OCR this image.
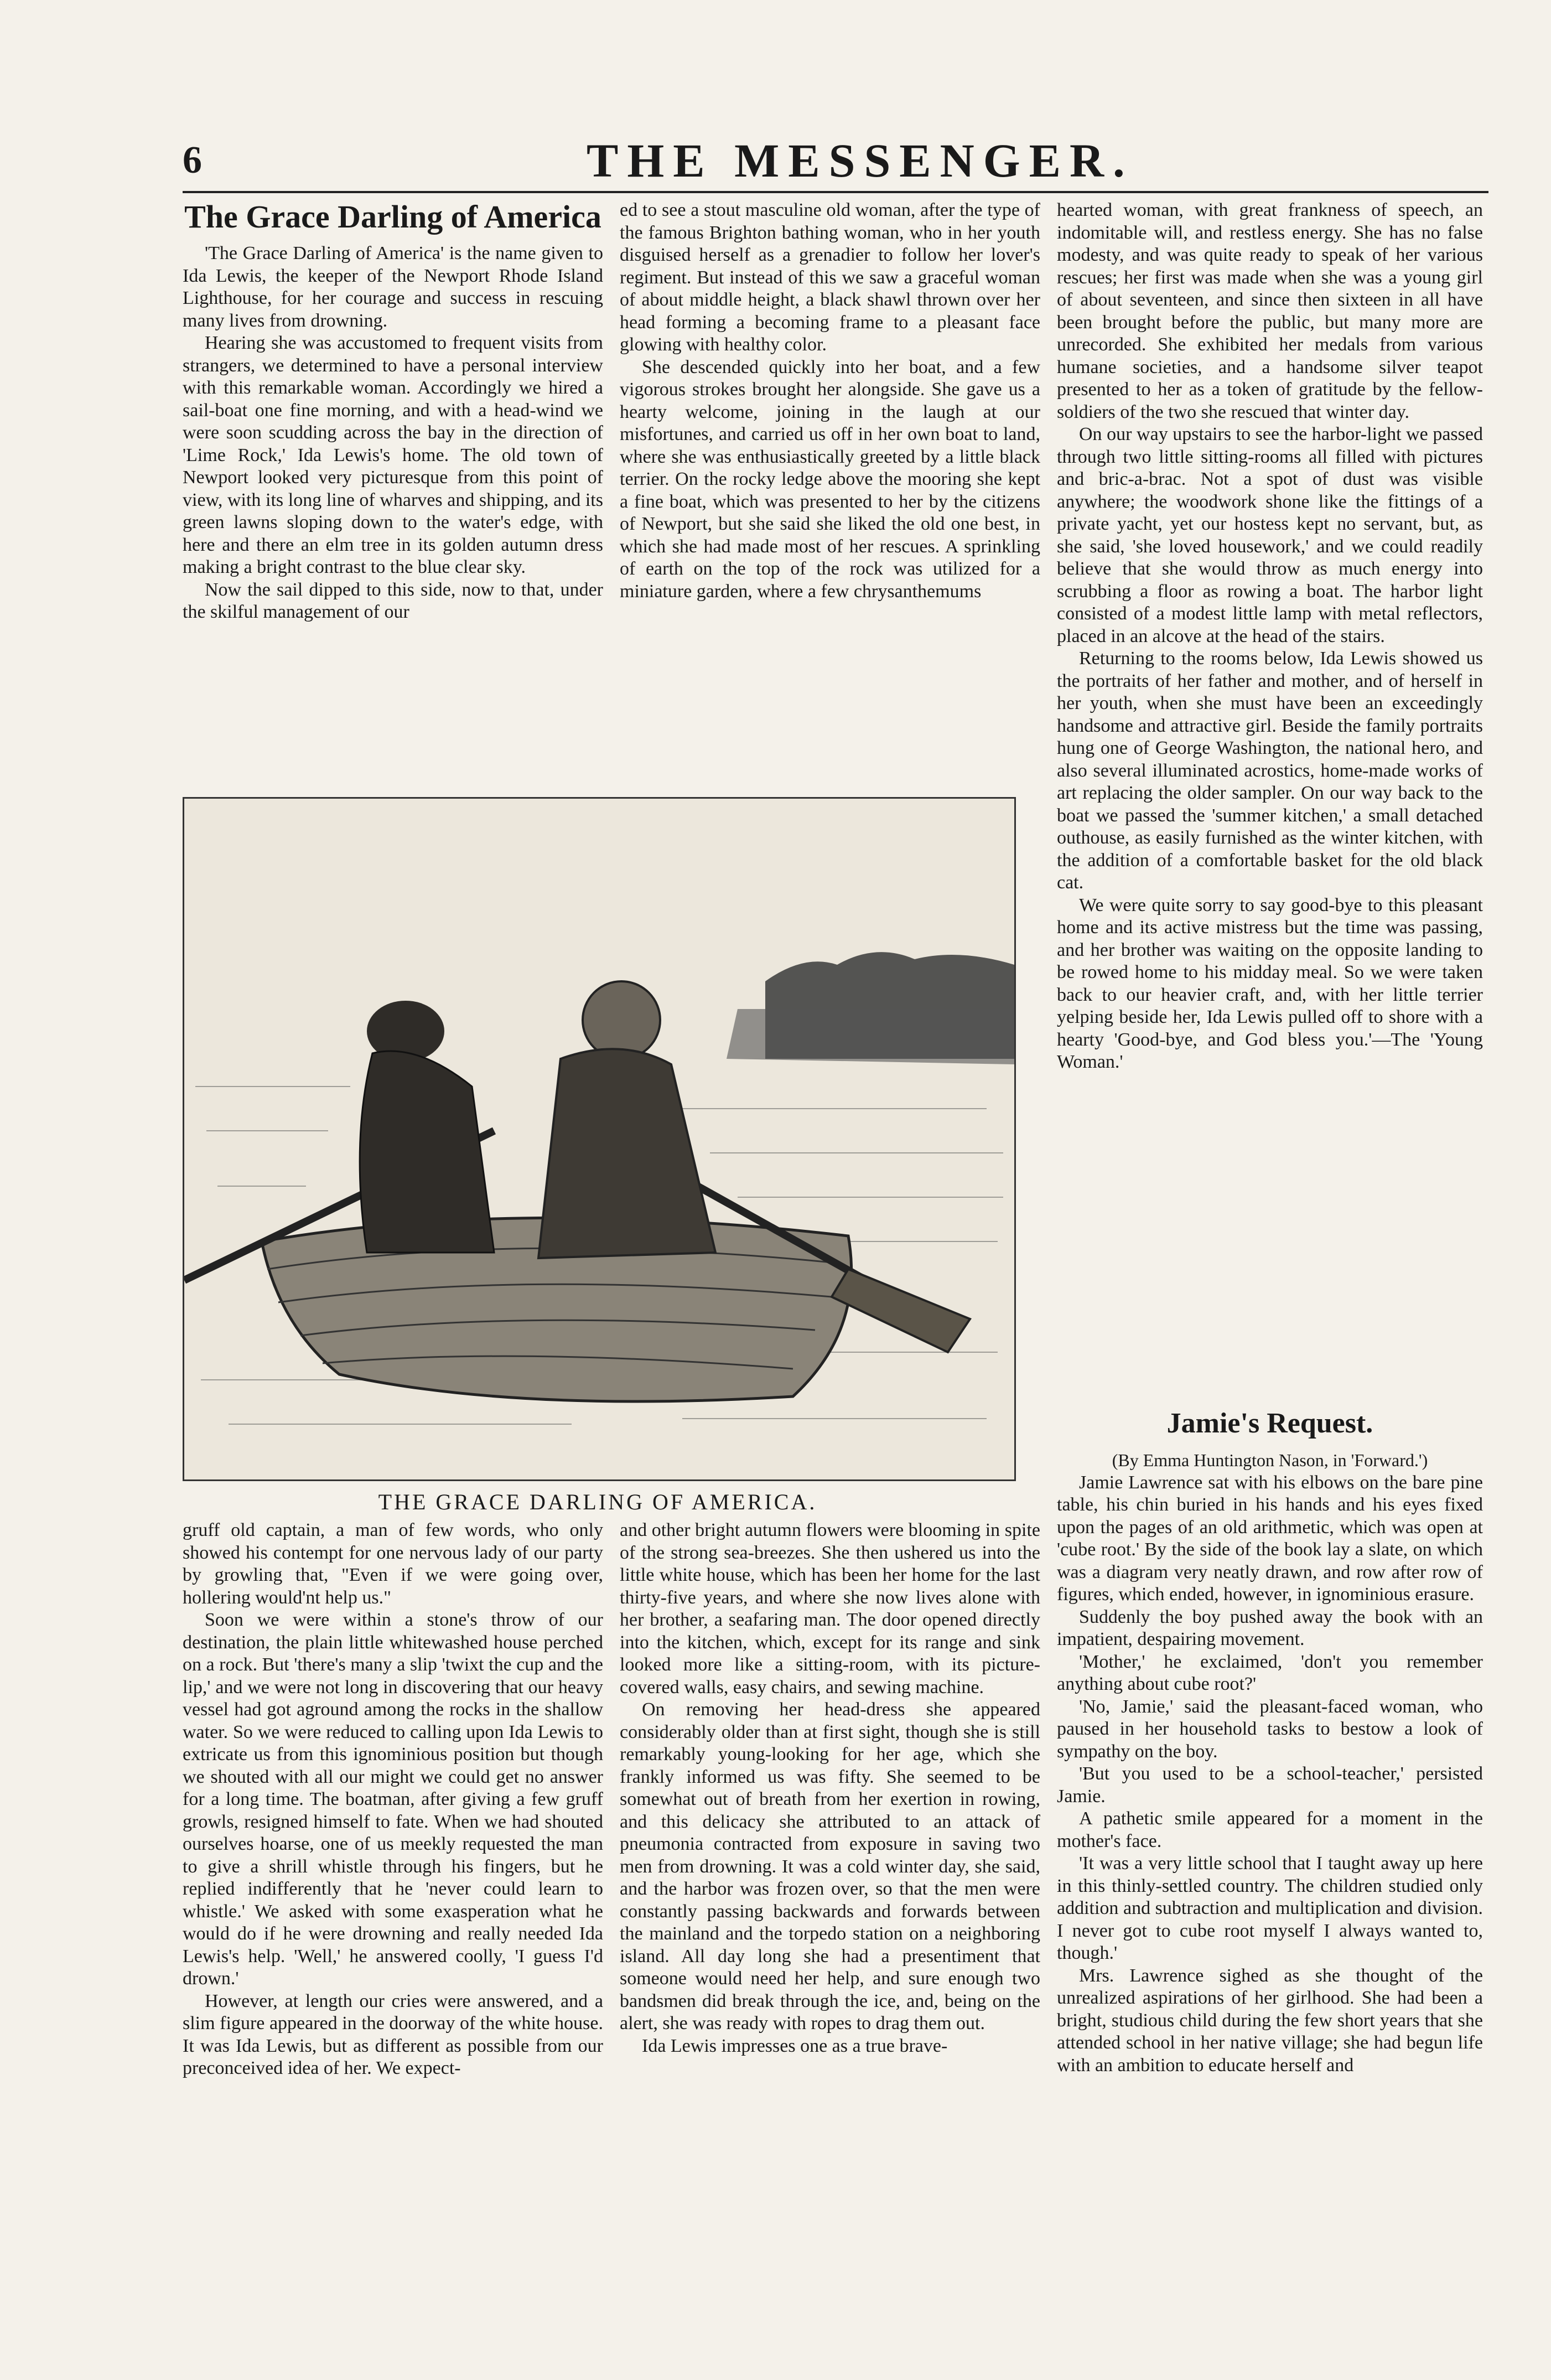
6	THE MESSENGER.
The Grace Darling of America

'The Grace Darling of America' is the name given to Ida Lewis, the keeper of the Newport Rhode Island Lighthouse, for her courage and success in rescuing many lives from drowning.

Hearing she was accustomed to frequent visits from strangers, we determined to have a personal interview with this remarkable woman. Accordingly we hired a sail-boat one fine morning, and with a head-wind we were soon scudding across the bay in the direction of 'Lime Rock,' Ida Lewis's home. The old town of Newport looked very picturesque from this point of view, with its long line of wharves and shipping, and its green lawns sloping down to the water's edge, with here and there an elm tree in its golden autumn dress making a bright contrast to the blue clear sky.

Now the sail dipped to this side, now to that, under the skilful management of our

ed to see a stout masculine old woman, after the type of the famous Brighton bathing woman, who in her youth disguised herself as a grenadier to follow her lover's regiment. But instead of this we saw a graceful woman of about middle height, a black shawl thrown over her head forming a becoming frame to a pleasant face glowing with healthy color.

She descended quickly into her boat, and a few vigorous strokes brought her alongside. She gave us a hearty welcome, joining in the laugh at our misfortunes, and carried us off in her own boat to land, where she was enthusiastically greeted by a little black terrier. On the rocky ledge above the mooring she kept a fine boat, which was presented to her by the citizens of Newport, but she said she liked the old one best, in which she had made most of her rescues. A sprinkling of earth on the top of the rock was utilized for a miniature garden, where a few chrysanthemums

hearted woman, with great frankness of speech, an indomitable will, and restless energy. She has no false modesty, and was quite ready to speak of her various rescues; her first was made when she was a young girl of about seventeen, and since then sixteen in all have been brought before the public, but many more are unrecorded. She exhibited her medals from various humane societies, and a handsome silver teapot presented to her as a token of gratitude by the fellow-soldiers of the two she rescued that winter day.

On our way upstairs to see the harbor-light we passed through two little sitting-rooms all filled with pictures and bric-a-brac. Not a spot of dust was visible anywhere; the woodwork shone like the fittings of a private yacht, yet our hostess kept no servant, but, as she said, 'she loved housework,' and we could readily believe that she would throw as much energy into scrubbing a floor as rowing a boat. The harbor light consisted of a modest little lamp with metal reflectors, placed in an alcove at the head of the stairs.

Returning to the rooms below, Ida Lewis showed us the portraits of her father and mother, and of herself in her youth, when she must have been an exceedingly handsome and attractive girl. Beside the family portraits hung one of George Washington, the national hero, and also several illuminated acrostics, home-made works of art replacing the older sampler. On our way back to the boat we passed the 'summer kitchen,' a small detached outhouse, as easily furnished as the winter kitchen, with the addition of a comfortable basket for the old black cat.

We were quite sorry to say good-bye to this pleasant home and its active mistress but the time was passing, and her brother was waiting on the opposite landing to be rowed home to his midday meal. So we were taken back to our heavier craft, and, with her little terrier yelping beside her, Ida Lewis pulled off to shore with a hearty 'Good-bye, and God bless you.'—The 'Young Woman.'

THE GRACE DARLING OF AMERICA.

gruff old captain, a man of few words, who only showed his contempt for one nervous lady of our party by growling that, "Even if we were going over, hollering would'nt help us."

Soon we were within a stone's throw of our destination, the plain little whitewashed house perched on a rock. But 'there's many a slip 'twixt the cup and the lip,' and we were not long in discovering that our heavy vessel had got aground among the rocks in the shallow water. So we were reduced to calling upon Ida Lewis to extricate us from this ignominious position but though we shouted with all our might we could get no answer for a long time. The boatman, after giving a few gruff growls, resigned himself to fate. When we had shouted ourselves hoarse, one of us meekly requested the man to give a shrill whistle through his fingers, but he replied indifferently that he 'never could learn to whistle.' We asked with some exasperation what he would do if he were drowning and really needed Ida Lewis's help. 'Well,' he answered coolly, 'I guess I'd drown.'

However, at length our cries were answered, and a slim figure appeared in the doorway of the white house. It was Ida Lewis, but as different as possible from our preconceived idea of her. We expect-

and other bright autumn flowers were blooming in spite of the strong sea-breezes. She then ushered us into the little white house, which has been her home for the last thirty-five years, and where she now lives alone with her brother, a seafaring man. The door opened directly into the kitchen, which, except for its range and sink looked more like a sitting-room, with its picture-covered walls, easy chairs, and sewing machine.

On removing her head-dress she appeared considerably older than at first sight, though she is still remarkably young-looking for her age, which she frankly informed us was fifty. She seemed to be somewhat out of breath from her exertion in rowing, and this delicacy she attributed to an attack of pneumonia contracted from exposure in saving two men from drowning. It was a cold winter day, she said, and the harbor was frozen over, so that the men were constantly passing backwards and forwards between the mainland and the torpedo station on a neighboring island. All day long she had a presentiment that someone would need her help, and sure enough two bandsmen did break through the ice, and, being on the alert, she was ready with ropes to drag them out.

Ida Lewis impresses one as a true brave-

Jamie's Request.

(By Emma Huntington Nason, in 'Forward.')

Jamie Lawrence sat with his elbows on the bare pine table, his chin buried in his hands and his eyes fixed upon the pages of an old arithmetic, which was open at 'cube root.' By the side of the book lay a slate, on which was a diagram very neatly drawn, and row after row of figures, which ended, however, in ignominious erasure.

Suddenly the boy pushed away the book with an impatient, despairing movement.

'Mother,' he exclaimed, 'don't you remember anything about cube root?'

'No, Jamie,' said the pleasant-faced woman, who paused in her household tasks to bestow a look of sympathy on the boy.

'But you used to be a school-teacher,' persisted Jamie.

A pathetic smile appeared for a moment in the mother's face.

'It was a very little school that I taught away up here in this thinly-settled country. The children studied only addition and subtraction and multiplication and division. I never got to cube root myself I always wanted to, though.'

Mrs. Lawrence sighed as she thought of the unrealized aspirations of her girlhood. She had been a bright, studious child during the few short years that she attended school in her native village; she had begun life with an ambition to educate herself and
